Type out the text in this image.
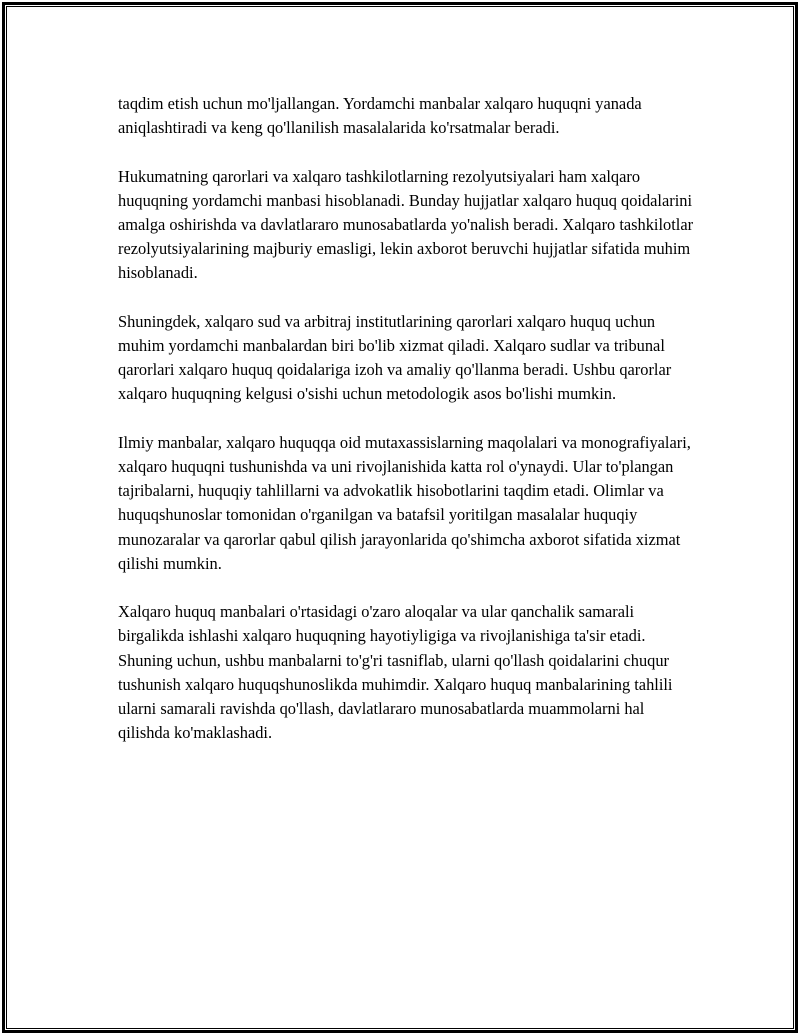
taqdim etish uchun mo'ljallangan. Yordamchi manbalar xalqaro huquqni yanada aniqlashtiradi va keng qo'llanilish masalalarida ko'rsatmalar beradi.

Hukumatning qarorlari va xalqaro tashkilotlarning rezolyutsiyalari ham xalqaro huquqning yordamchi manbasi hisoblanadi. Bunday hujjatlar xalqaro huquq qoidalarini amalga oshirishda va davlatlararo munosabatlarda yo'nalish beradi. Xalqaro tashkilotlar rezolyutsiyalarining majburiy emasligi, lekin axborot beruvchi hujjatlar sifatida muhim hisoblanadi.

Shuningdek, xalqaro sud va arbitraj institutlarining qarorlari xalqaro huquq uchun muhim yordamchi manbalardan biri bo'lib xizmat qiladi. Xalqaro sudlar va tribunal qarorlari xalqaro huquq qoidalariga izoh va amaliy qo'llanma beradi. Ushbu qarorlar xalqaro huquqning kelgusi o'sishi uchun metodologik asos bo'lishi mumkin.

Ilmiy manbalar, xalqaro huquqqa oid mutaxassislarning maqolalari va monografiyalari, xalqaro huquqni tushunishda va uni rivojlanishida katta rol o'ynaydi. Ular to'plangan tajribalarni, huquqiy tahlillarni va advokatlik hisobotlarini taqdim etadi. Olimlar va huquqshunoslar tomonidan o'rganilgan va batafsil yoritilgan masalalar huquqiy munozaralar va qarorlar qabul qilish jarayonlarida qo'shimcha axborot sifatida xizmat qilishi mumkin.

Xalqaro huquq manbalari o'rtasidagi o'zaro aloqalar va ular qanchalik samarali birgalikda ishlashi xalqaro huquqning hayotiyligiga va rivojlanishiga ta'sir etadi. Shuning uchun, ushbu manbalarni to'g'ri tasniflab, ularni qo'llash qoidalarini chuqur tushunish xalqaro huquqshunoslikda muhimdir. Xalqaro huquq manbalarining tahlili ularni samarali ravishda qo'llash, davlatlararo munosabatlarda muammolarni hal qilishda ko'maklashadi.
